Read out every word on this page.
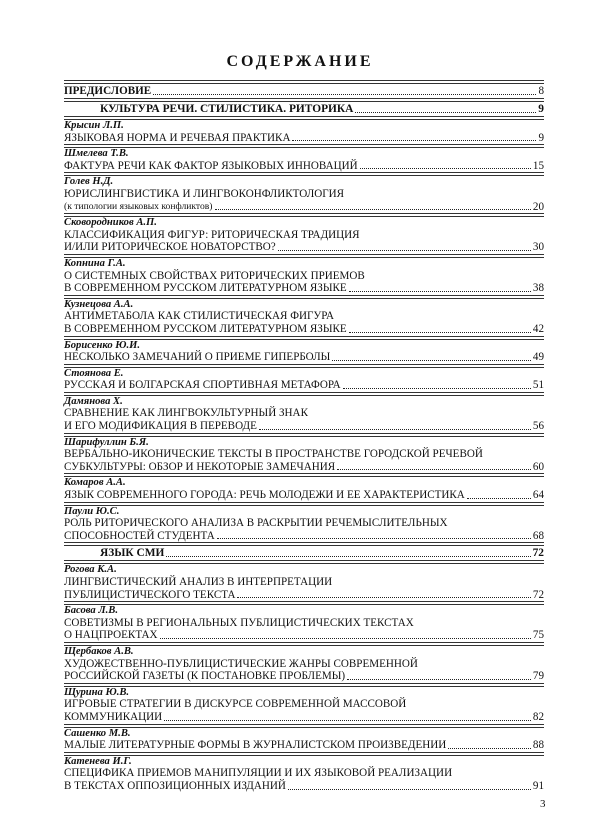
СОДЕРЖАНИЕ
ПРЕДИСЛОВИЕ	8
КУЛЬТУРА РЕЧИ. СТИЛИСТИКА. РИТОРИКА	9
Крысин Л.П.
ЯЗЫКОВАЯ НОРМА И РЕЧЕВАЯ ПРАКТИКА	9
Шмелева Т.В.
ФАКТУРА РЕЧИ КАК ФАКТОР ЯЗЫКОВЫХ ИННОВАЦИЙ	15
Голев Н.Д.
ЮРИСЛИНГВИСТИКА И ЛИНГВОКОНФЛИКТОЛОГИЯ
(к типологии языковых конфликтов)	20
Сковородников А.П.
КЛАССИФИКАЦИЯ ФИГУР: РИТОРИЧЕСКАЯ ТРАДИЦИЯ
И/ИЛИ РИТОРИЧЕСКОЕ НОВАТОРСТВО?	30
Копнина Г.А.
О СИСТЕМНЫХ СВОЙСТВАХ РИТОРИЧЕСКИХ ПРИЕМОВ
В СОВРЕМЕННОМ РУССКОМ ЛИТЕРАТУРНОМ ЯЗЫКЕ	38
Кузнецова А.А.
АНТИМЕТАБОЛА КАК СТИЛИСТИЧЕСКАЯ ФИГУРА
В СОВРЕМЕННОМ РУССКОМ ЛИТЕРАТУРНОМ ЯЗЫКЕ	42
Борисенко Ю.И.
НЕСКОЛЬКО ЗАМЕЧАНИЙ О ПРИЕМЕ ГИПЕРБОЛЫ	49
Стоянова Е.
РУССКАЯ И БОЛГАРСКАЯ СПОРТИВНАЯ МЕТАФОРА	51
Дамянова Х.
СРАВНЕНИЕ КАК ЛИНГВОКУЛЬТУРНЫЙ ЗНАК
И ЕГО МОДИФИКАЦИЯ В ПЕРЕВОДЕ	56
Шарифуллин Б.Я.
ВЕРБАЛЬНО-ИКОНИЧЕСКИЕ ТЕКСТЫ В ПРОСТРАНСТВЕ ГОРОДСКОЙ РЕЧЕВОЙ
СУБКУЛЬТУРЫ: ОБЗОР И НЕКОТОРЫЕ ЗАМЕЧАНИЯ	60
Комаров А.А.
ЯЗЫК СОВРЕМЕННОГО ГОРОДА: РЕЧЬ МОЛОДЕЖИ И ЕЕ ХАРАКТЕРИСТИКА	64
Паули Ю.С.
РОЛЬ РИТОРИЧЕСКОГО АНАЛИЗА В РАСКРЫТИИ РЕЧЕМЫСЛИТЕЛЬНЫХ
СПОСОБНОСТЕЙ СТУДЕНТА	68
ЯЗЫК СМИ	72
Рогова К.А.
ЛИНГВИСТИЧЕСКИЙ АНАЛИЗ В ИНТЕРПРЕТАЦИИ
ПУБЛИЦИСТИЧЕСКОГО ТЕКСТА	72
Басова Л.В.
СОВЕТИЗМЫ В РЕГИОНАЛЬНЫХ ПУБЛИЦИСТИЧЕСКИХ ТЕКСТАХ
О НАЦПРОЕКТАХ	75
Щербаков А.В.
ХУДОЖЕСТВЕННО-ПУБЛИЦИСТИЧЕСКИЕ ЖАНРЫ СОВРЕМЕННОЙ
РОССИЙСКОЙ ГАЗЕТЫ (К ПОСТАНОВКЕ ПРОБЛЕМЫ)	79
Щурина Ю.В.
ИГРОВЫЕ СТРАТЕГИИ В ДИСКУРСЕ СОВРЕМЕННОЙ МАССОВОЙ
КОММУНИКАЦИИ	82
Сашенко М.В.
МАЛЫЕ ЛИТЕРАТУРНЫЕ ФОРМЫ В ЖУРНАЛИСТСКОМ ПРОИЗВЕДЕНИИ	88
Катенева И.Г.
СПЕЦИФИКА ПРИЕМОВ МАНИПУЛЯЦИИ И ИХ ЯЗЫКОВОЙ РЕАЛИЗАЦИИ
В ТЕКСТАХ ОППОЗИЦИОННЫХ ИЗДАНИЙ	91
3
